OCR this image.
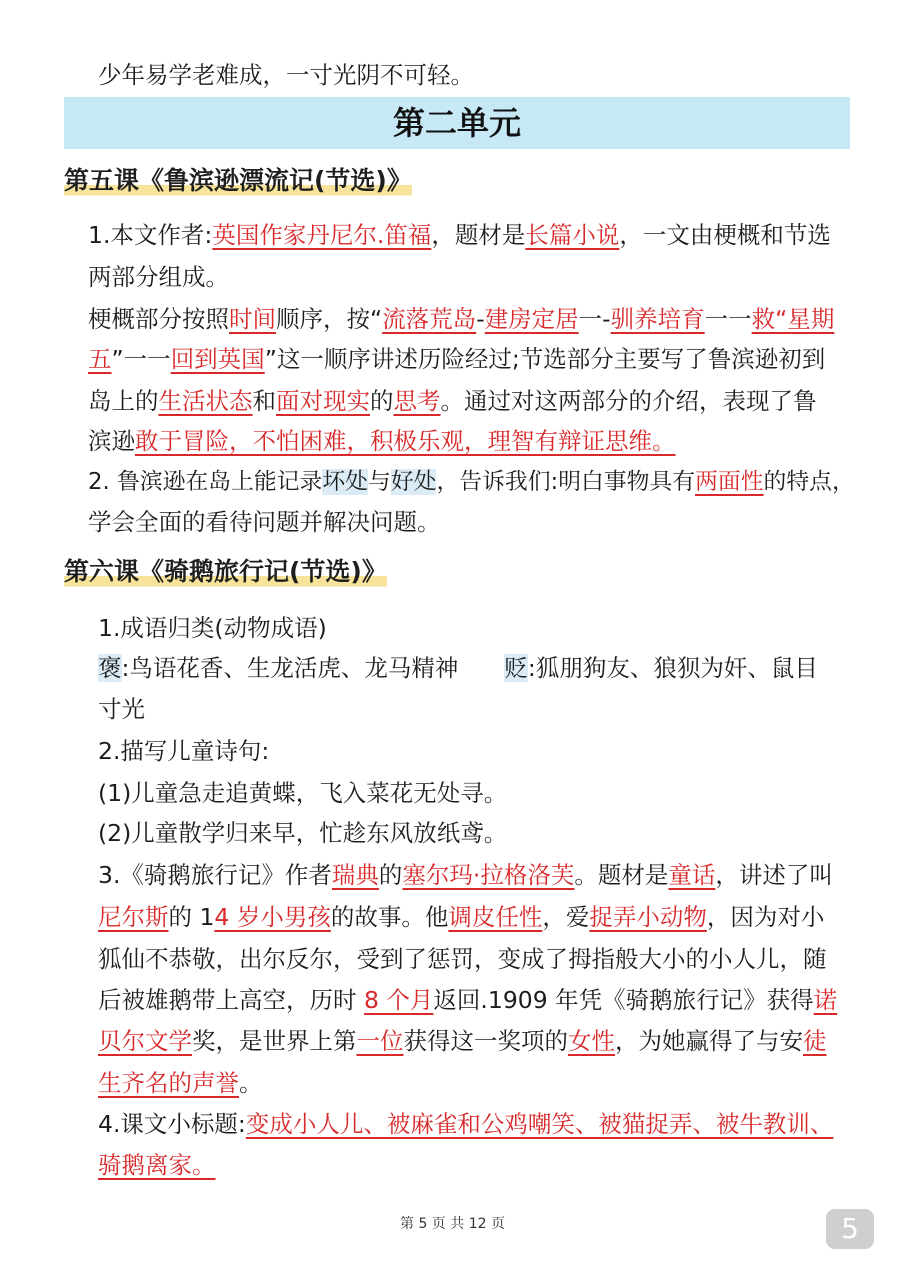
少年易学老难成，一寸光阴不可轻。
第二单元
第五课《鲁滨逊漂流记(节选)》
1.本文作者:英国作家丹尼尔.笛福，题材是长篇小说，一文由梗概和节选
两部分组成。
梗概部分按照时间顺序，按“流落荒岛-建房定居一-驯养培育一一救“星期
五”一一回到英国”这一顺序讲述历险经过;节选部分主要写了鲁滨逊初到
岛上的生活状态和面对现实的思考。通过对这两部分的介绍，表现了鲁
滨逊敢于冒险，不怕困难，积极乐观，理智有辩证思维。
2. 鲁滨逊在岛上能记录坏处与好处，告诉我们:明白事物具有两面性的特点，
学会全面的看待问题并解决问题。
第六课《骑鹅旅行记(节选)》
1.成语归类(动物成语)
褒:鸟语花香、生龙活虎、龙马精神 贬:狐朋狗友、狼狈为奸、鼠目
寸光
2.描写儿童诗句:
(1)儿童急走追黄蝶，飞入菜花无处寻。
(2)儿童散学归来早，忙趁东风放纸鸢。
3.《骑鹅旅行记》作者瑞典的塞尔玛·拉格洛芙。题材是童话，讲述了叫
尼尔斯的 14 岁小男孩的故事。他调皮任性，爱捉弄小动物，因为对小
狐仙不恭敬，出尔反尔，受到了惩罚，变成了拇指般大小的小人儿，随
后被雄鹅带上高空，历时 8 个月返回.1909 年凭《骑鹅旅行记》获得诺
贝尔文学奖，是世界上第一位获得这一奖项的女性，为她赢得了与安徒
生齐名的声誉。
4.课文小标题:变成小人儿、被麻雀和公鸡嘲笑、被猫捉弄、被牛教训、
骑鹅离家。
第 5 页 共 12 页	5
